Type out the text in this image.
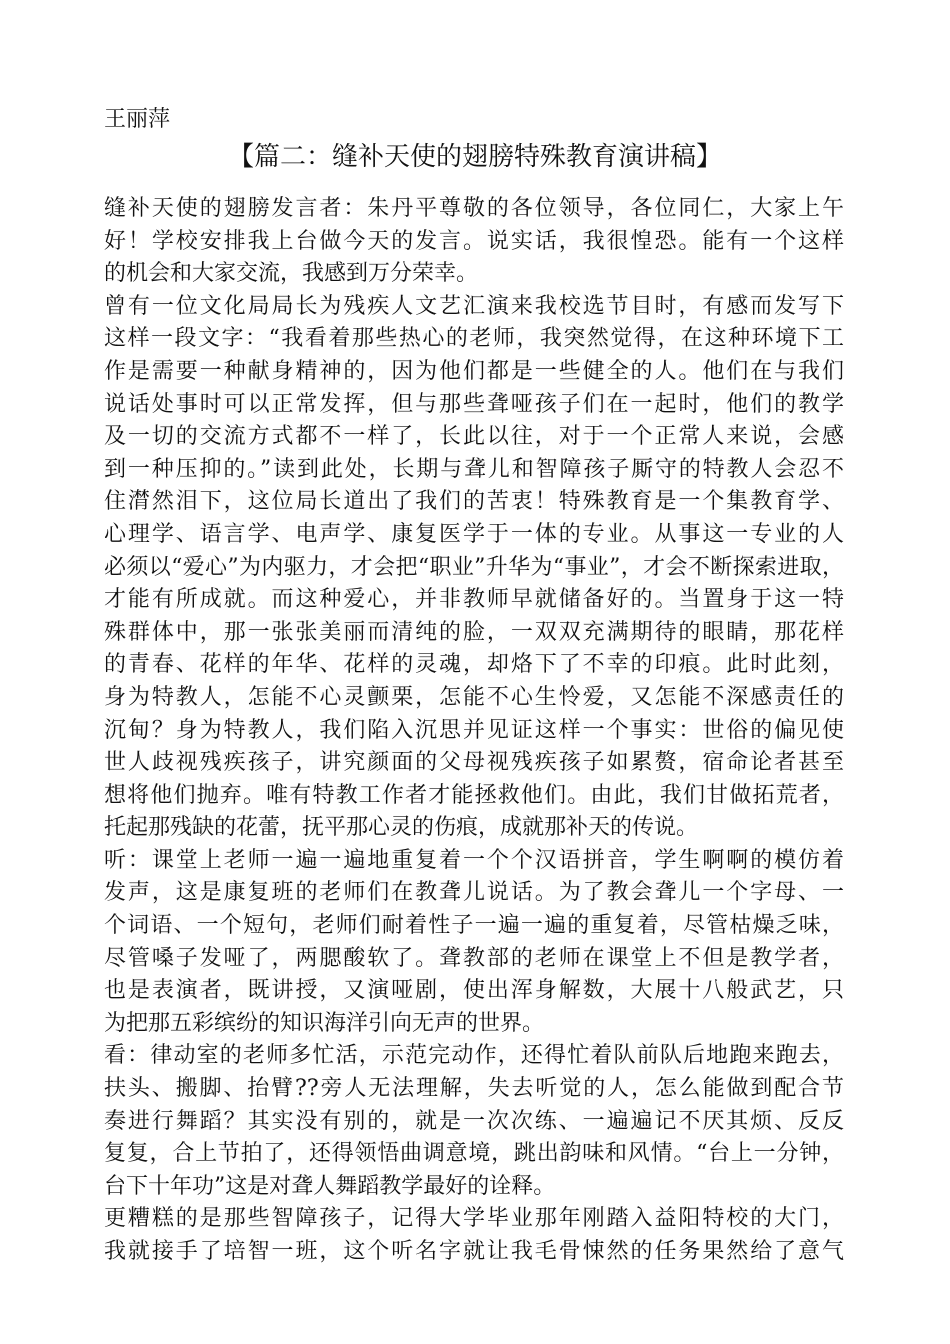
王丽萍
【篇二：缝补天使的翅膀特殊教育演讲稿】
缝补天使的翅膀发言者：朱丹平尊敬的各位领导，各位同仁，大家上午
好！学校安排我上台做今天的发言。说实话，我很惶恐。能有一个这样
的机会和大家交流，我感到万分荣幸。
曾有一位文化局局长为残疾人文艺汇演来我校选节目时，有感而发写下
这样一段文字：“我看着那些热心的老师，我突然觉得，在这种环境下工
作是需要一种献身精神的，因为他们都是一些健全的人。他们在与我们
说话处事时可以正常发挥，但与那些聋哑孩子们在一起时，他们的教学
及一切的交流方式都不一样了，长此以往，对于一个正常人来说，会感
到一种压抑的。”读到此处，长期与聋儿和智障孩子厮守的特教人会忍不
住潸然泪下，这位局长道出了我们的苦衷！特殊教育是一个集教育学、
心理学、语言学、电声学、康复医学于一体的专业。从事这一专业的人
必须以“爱心”为内驱力，才会把“职业”升华为“事业”，才会不断探索进取，
才能有所成就。而这种爱心，并非教师早就储备好的。当置身于这一特
殊群体中，那一张张美丽而清纯的脸，一双双充满期待的眼睛，那花样
的青春、花样的年华、花样的灵魂，却烙下了不幸的印痕。此时此刻，
身为特教人，怎能不心灵颤栗，怎能不心生怜爱，又怎能不深感责任的
沉甸？身为特教人，我们陷入沉思并见证这样一个事实：世俗的偏见使
世人歧视残疾孩子，讲究颜面的父母视残疾孩子如累赘，宿命论者甚至
想将他们抛弃。唯有特教工作者才能拯救他们。由此，我们甘做拓荒者，
托起那残缺的花蕾，抚平那心灵的伤痕，成就那补天的传说。
听：课堂上老师一遍一遍地重复着一个个汉语拼音，学生啊啊的模仿着
发声，这是康复班的老师们在教聋儿说话。为了教会聋儿一个字母、一
个词语、一个短句，老师们耐着性子一遍一遍的重复着，尽管枯燥乏味，
尽管嗓子发哑了，两腮酸软了。聋教部的老师在课堂上不但是教学者，
也是表演者，既讲授，又演哑剧，使出浑身解数，大展十八般武艺，只
为把那五彩缤纷的知识海洋引向无声的世界。
看：律动室的老师多忙活，示范完动作，还得忙着队前队后地跑来跑去，
扶头、搬脚、抬臂??旁人无法理解，失去听觉的人，怎么能做到配合节
奏进行舞蹈？其实没有别的，就是一次次练、一遍遍记不厌其烦、反反
复复，合上节拍了，还得领悟曲调意境，跳出韵味和风情。“台上一分钟，
台下十年功”这是对聋人舞蹈教学最好的诠释。
更糟糕的是那些智障孩子，记得大学毕业那年刚踏入益阳特校的大门，
我就接手了培智一班，这个听名字就让我毛骨悚然的任务果然给了意气
